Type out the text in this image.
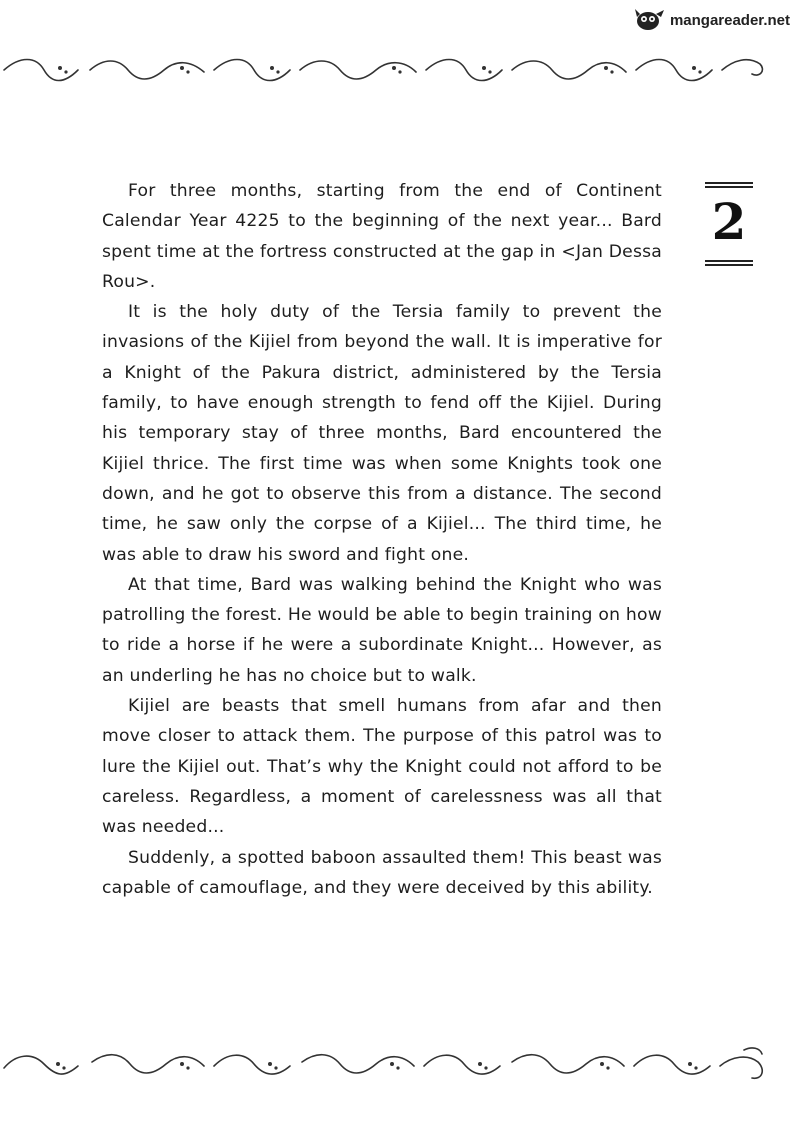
mangareader.net
2

For three months, starting from the end of Continent Calendar Year 4225 to the beginning of the next year... Bard spent time at the fortress constructed at the gap in <Jan Dessa Rou>.

It is the holy duty of the Tersia family to prevent the invasions of the Kijiel from beyond the wall. It is imperative for a Knight of the Pakura district, administered by the Tersia family, to have enough strength to fend off the Kijiel. During his temporary stay of three months, Bard encountered the Kijiel thrice. The first time was when some Knights took one down, and he got to observe this from a distance. The second time, he saw only the corpse of a Kijiel... The third time, he was able to draw his sword and fight one.

At that time, Bard was walking behind the Knight who was patrolling the forest. He would be able to begin training on how to ride a horse if he were a subordinate Knight... However, as an underling he has no choice but to walk.

Kijiel are beasts that smell humans from afar and then move closer to attack them. The purpose of this patrol was to lure the Kijiel out. That’s why the Knight could not afford to be careless. Regardless, a moment of carelessness was all that was needed...

Suddenly, a spotted baboon assaulted them! This beast was capable of camouflage, and they were deceived by this ability.
